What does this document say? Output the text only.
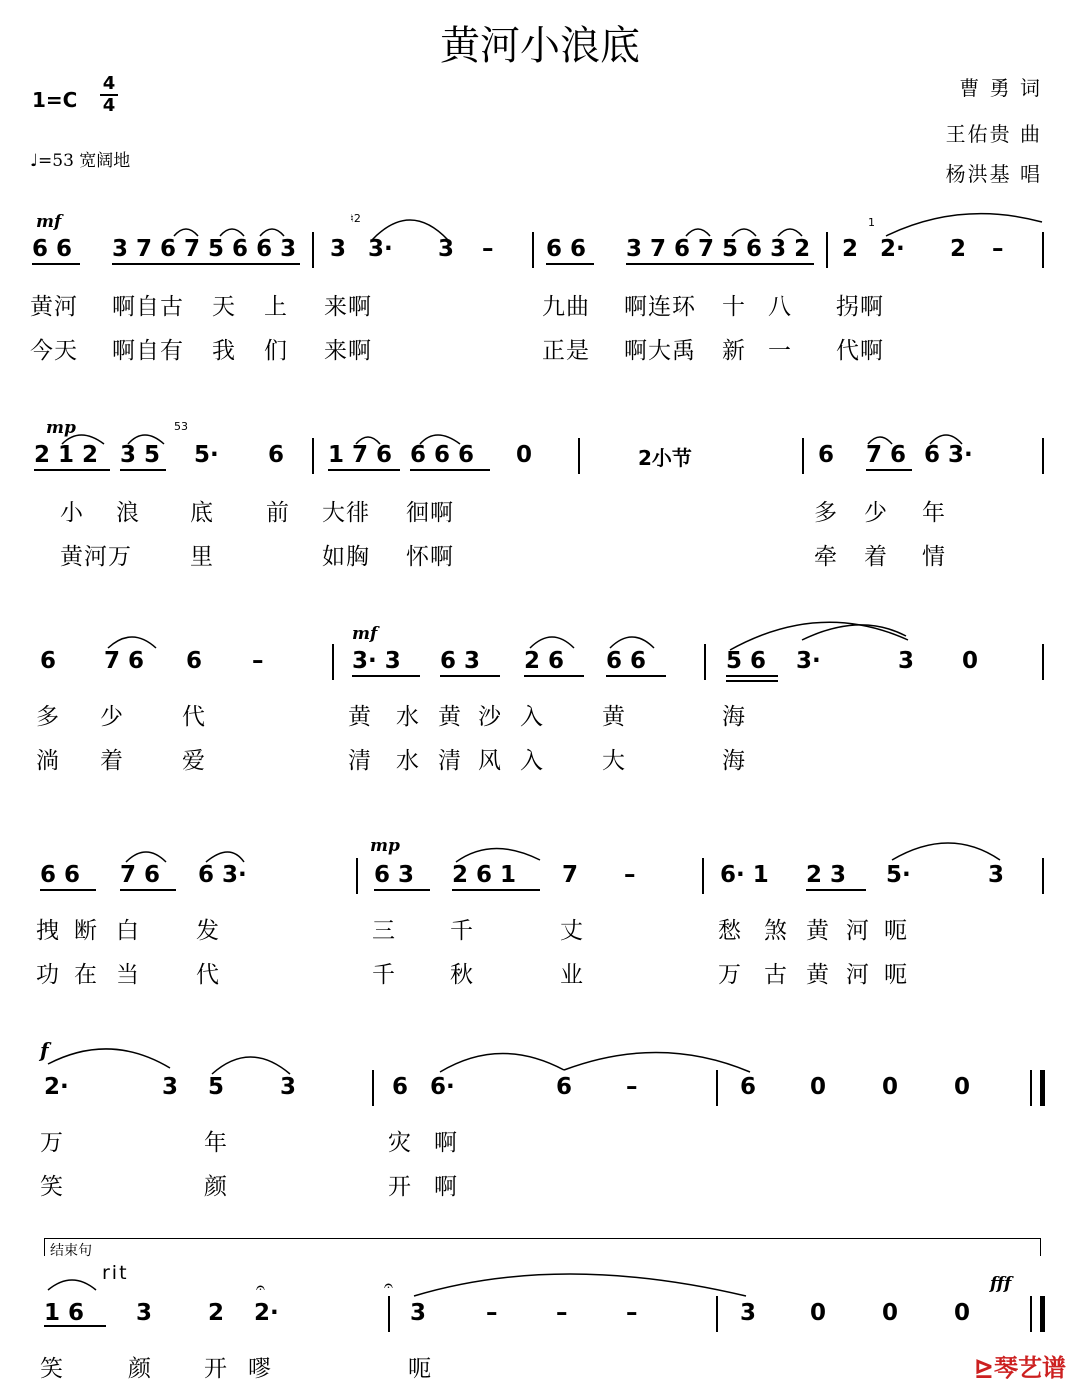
黄河小浪底
1=C
4
4
♩=53 宽阔地
曹 勇 词
王佑贵 曲
杨洪基 唱
mf
6 6 3 7 6 7 5 6 6 3 3 3· 3 – 6 6 3 7 6 7 5 6 3 2 2 2· 2 –
黄河 啊自古 天 上 来啊	九曲 啊连环 十 八 拐啊
今天 啊自有 我 们 来啊	正是 啊大禹 新 一 代啊
mp
2 1 2 3 5 5· 6 1 7 6 6 6 6 0	2小节	6 7 6 6 3·
小 浪 底 前 大徘 徊啊	多 少 年
黄河万	里	如胸 怀啊	牵 着 情
6 7 6 6 –
mf
3· 3 6 3 2 6 6 6	5 6 3·	3 0
多 少	代	黄 水 黄 沙 入	黄	海
淌 着	爱	清 水 清 风 入	大	海
6 6 7 6 6 3·
mp
6 3 2 6 1 7 –	6· 1 2 3 5·	3
拽 断 白 发	三 千	丈	愁 煞 黄 河 呃
功 在 当 代	千 秋	业	万 古 黄 河 呃
f
2·	3 5 3	6 6·	6 –	6 0 0 0
万	年	灾 啊
笑	颜	开 啊
结束句
rit
1 6 3 2
𝄐
2·
𝄐
3	–	–	–	3 0 0 0
fff
笑	颜 开 嘐	呃
♮2	1
53
⊵琴艺谱
